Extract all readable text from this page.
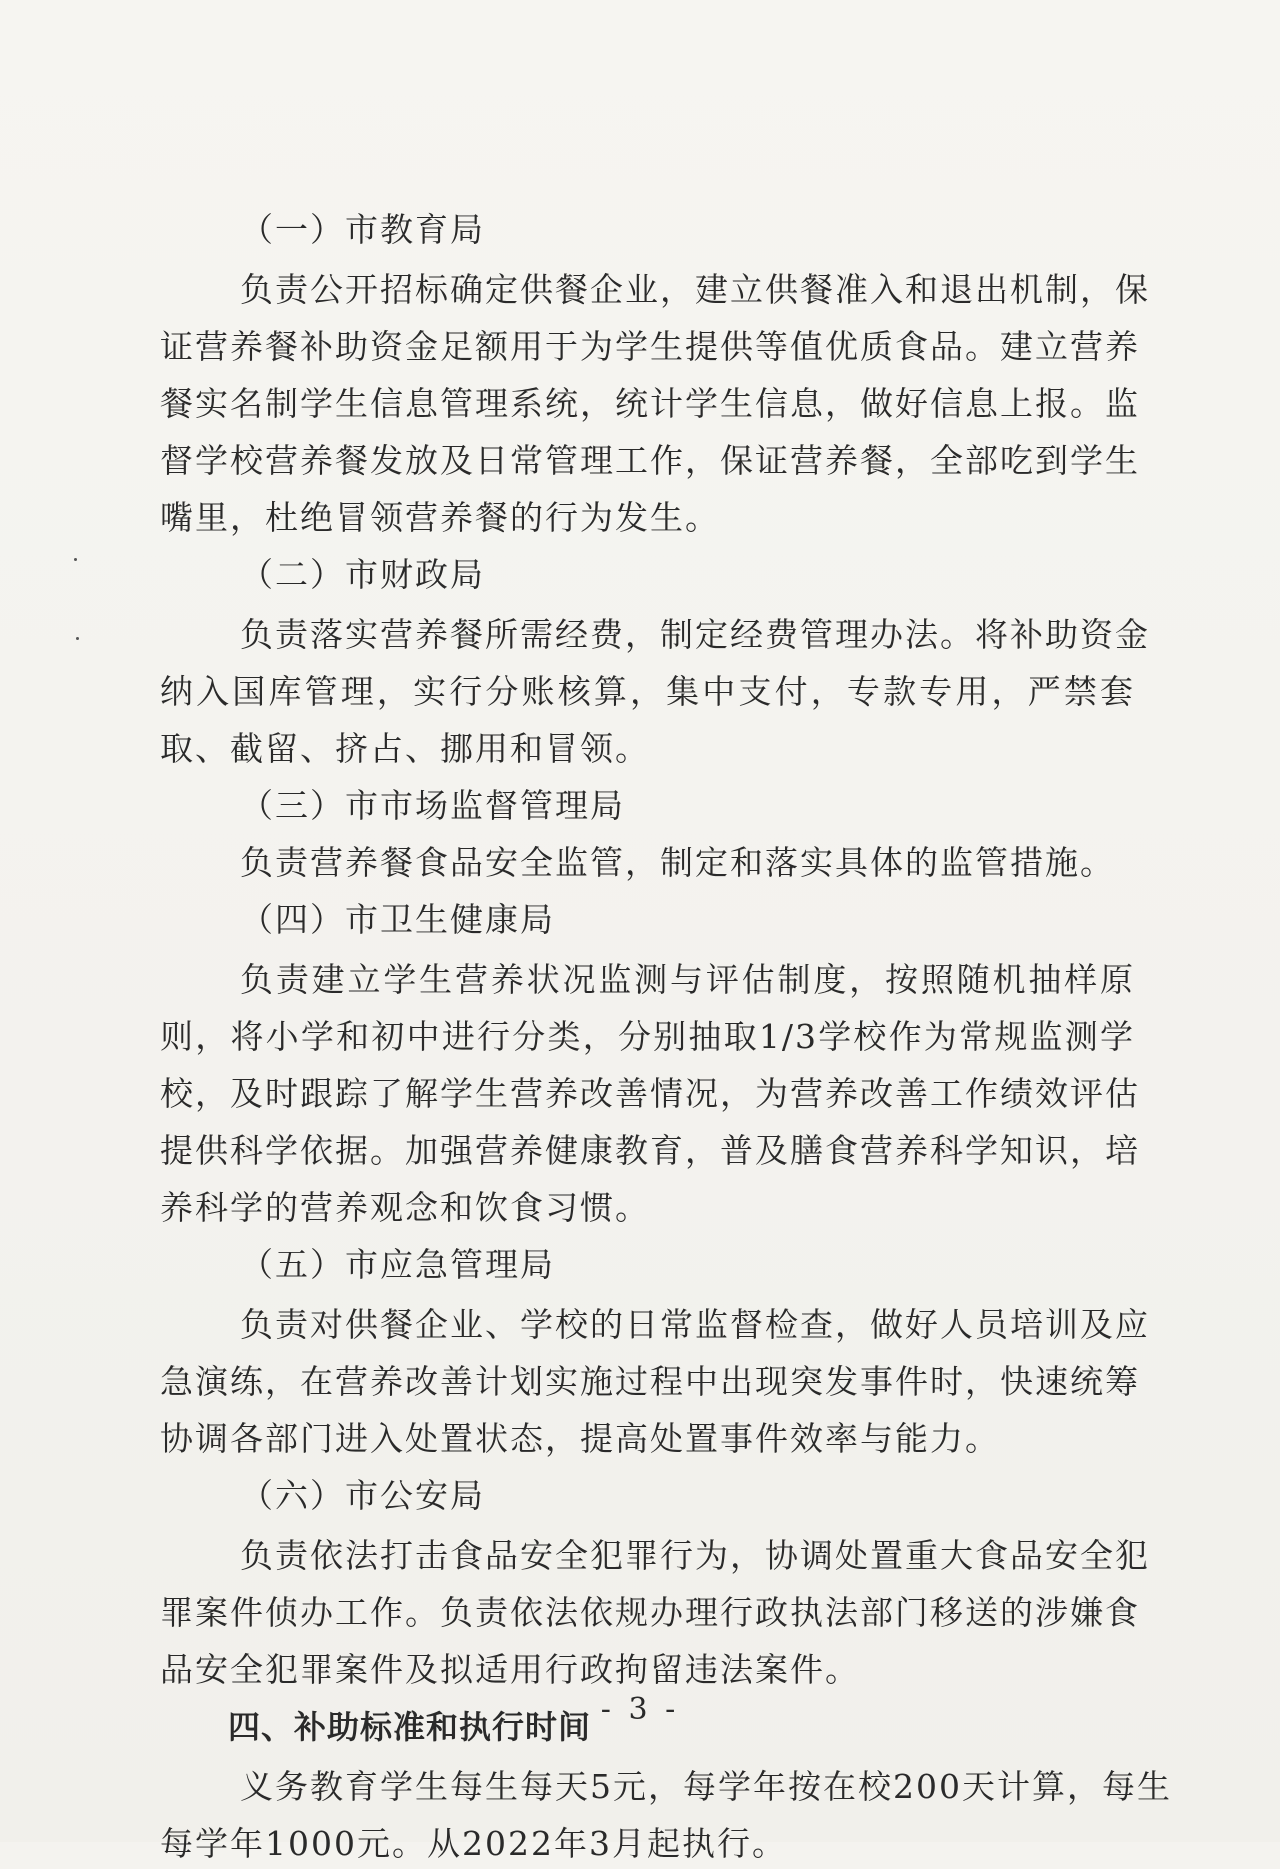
（一）市教育局
负责公开招标确定供餐企业，建立供餐准入和退出机制，保
证营养餐补助资金足额用于为学生提供等值优质食品。建立营养
餐实名制学生信息管理系统，统计学生信息，做好信息上报。监
督学校营养餐发放及日常管理工作，保证营养餐，全部吃到学生
嘴里，杜绝冒领营养餐的行为发生。
（二）市财政局
负责落实营养餐所需经费，制定经费管理办法。将补助资金
纳入国库管理，实行分账核算，集中支付，专款专用，严禁套
取、截留、挤占、挪用和冒领。
（三）市市场监督管理局
负责营养餐食品安全监管，制定和落实具体的监管措施。
（四）市卫生健康局
负责建立学生营养状况监测与评估制度，按照随机抽样原
则，将小学和初中进行分类，分别抽取1/3学校作为常规监测学
校，及时跟踪了解学生营养改善情况，为营养改善工作绩效评估
提供科学依据。加强营养健康教育，普及膳食营养科学知识，培
养科学的营养观念和饮食习惯。
（五）市应急管理局
负责对供餐企业、学校的日常监督检查，做好人员培训及应
急演练，在营养改善计划实施过程中出现突发事件时，快速统筹
协调各部门进入处置状态，提高处置事件效率与能力。
（六）市公安局
负责依法打击食品安全犯罪行为，协调处置重大食品安全犯
罪案件侦办工作。负责依法依规办理行政执法部门移送的涉嫌食
品安全犯罪案件及拟适用行政拘留违法案件。
四、补助标准和执行时间
义务教育学生每生每天5元，每学年按在校200天计算，每生
每学年1000元。从2022年3月起执行。
- 3 -
